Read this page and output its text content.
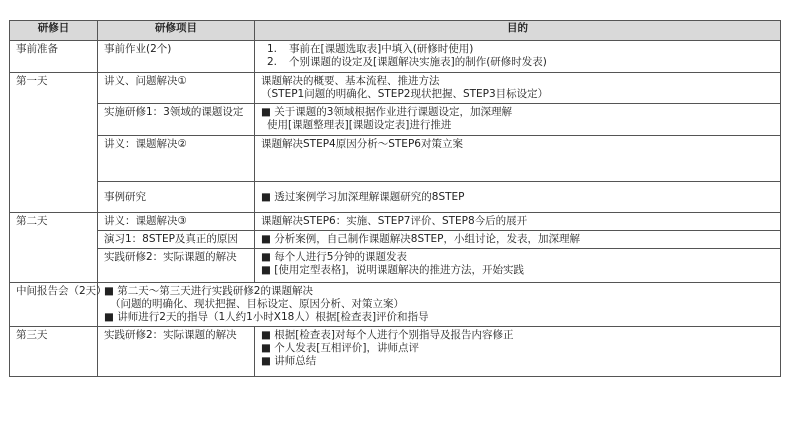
研修日	研修项目	目的
事前准备	事前作业(2个)	1. 事前在[课题选取表]中填入(研修时使用)
2. 个别课题的设定及[课题解决实施表]的制作(研修时发表)

第一天	讲义、问题解决①	课题解决的概要、基本流程、推进方法
（STEP1问题的明确化、STEP2现状把握、STEP3目标设定）

	实施研修1：3领域的课题设定	■ 关于课题的3领域根据作业进行课题设定，加深理解
使用[课题整理表][课题设定表]进行推进

	讲义：课题解决②	课题解决STEP4原因分析～STEP6对策立案

	事例研究	■ 透过案例学习加深理解课题研究的8STEP

第二天	讲义：课题解决③	课题解决STEP6：实施、STEP7评价、STEP8今后的展开

	演习1：8STEP及真正的原因	■ 分析案例，自己制作课题解决8STEP，小组讨论，发表，加深理解

	实践研修2：实际课题的解决	■ 每个人进行5分钟的课题发表
■ [使用定型表格]，说明课题解决的推进方法，开始实践

中间报告会（2天）	■ 第二天～第三天进行实践研修2的课题解决
（问题的明确化、现状把握、目标设定、原因分析、对策立案）
■ 讲师进行2天的指导（1人约1小时X18人）根据[检查表]评价和指导	

第三天	实践研修2：实际课题的解决	■ 根据[检查表]对每个人进行个别指导及报告内容修正
■ 个人发表[互相评价]，讲师点评
■ 讲师总结
